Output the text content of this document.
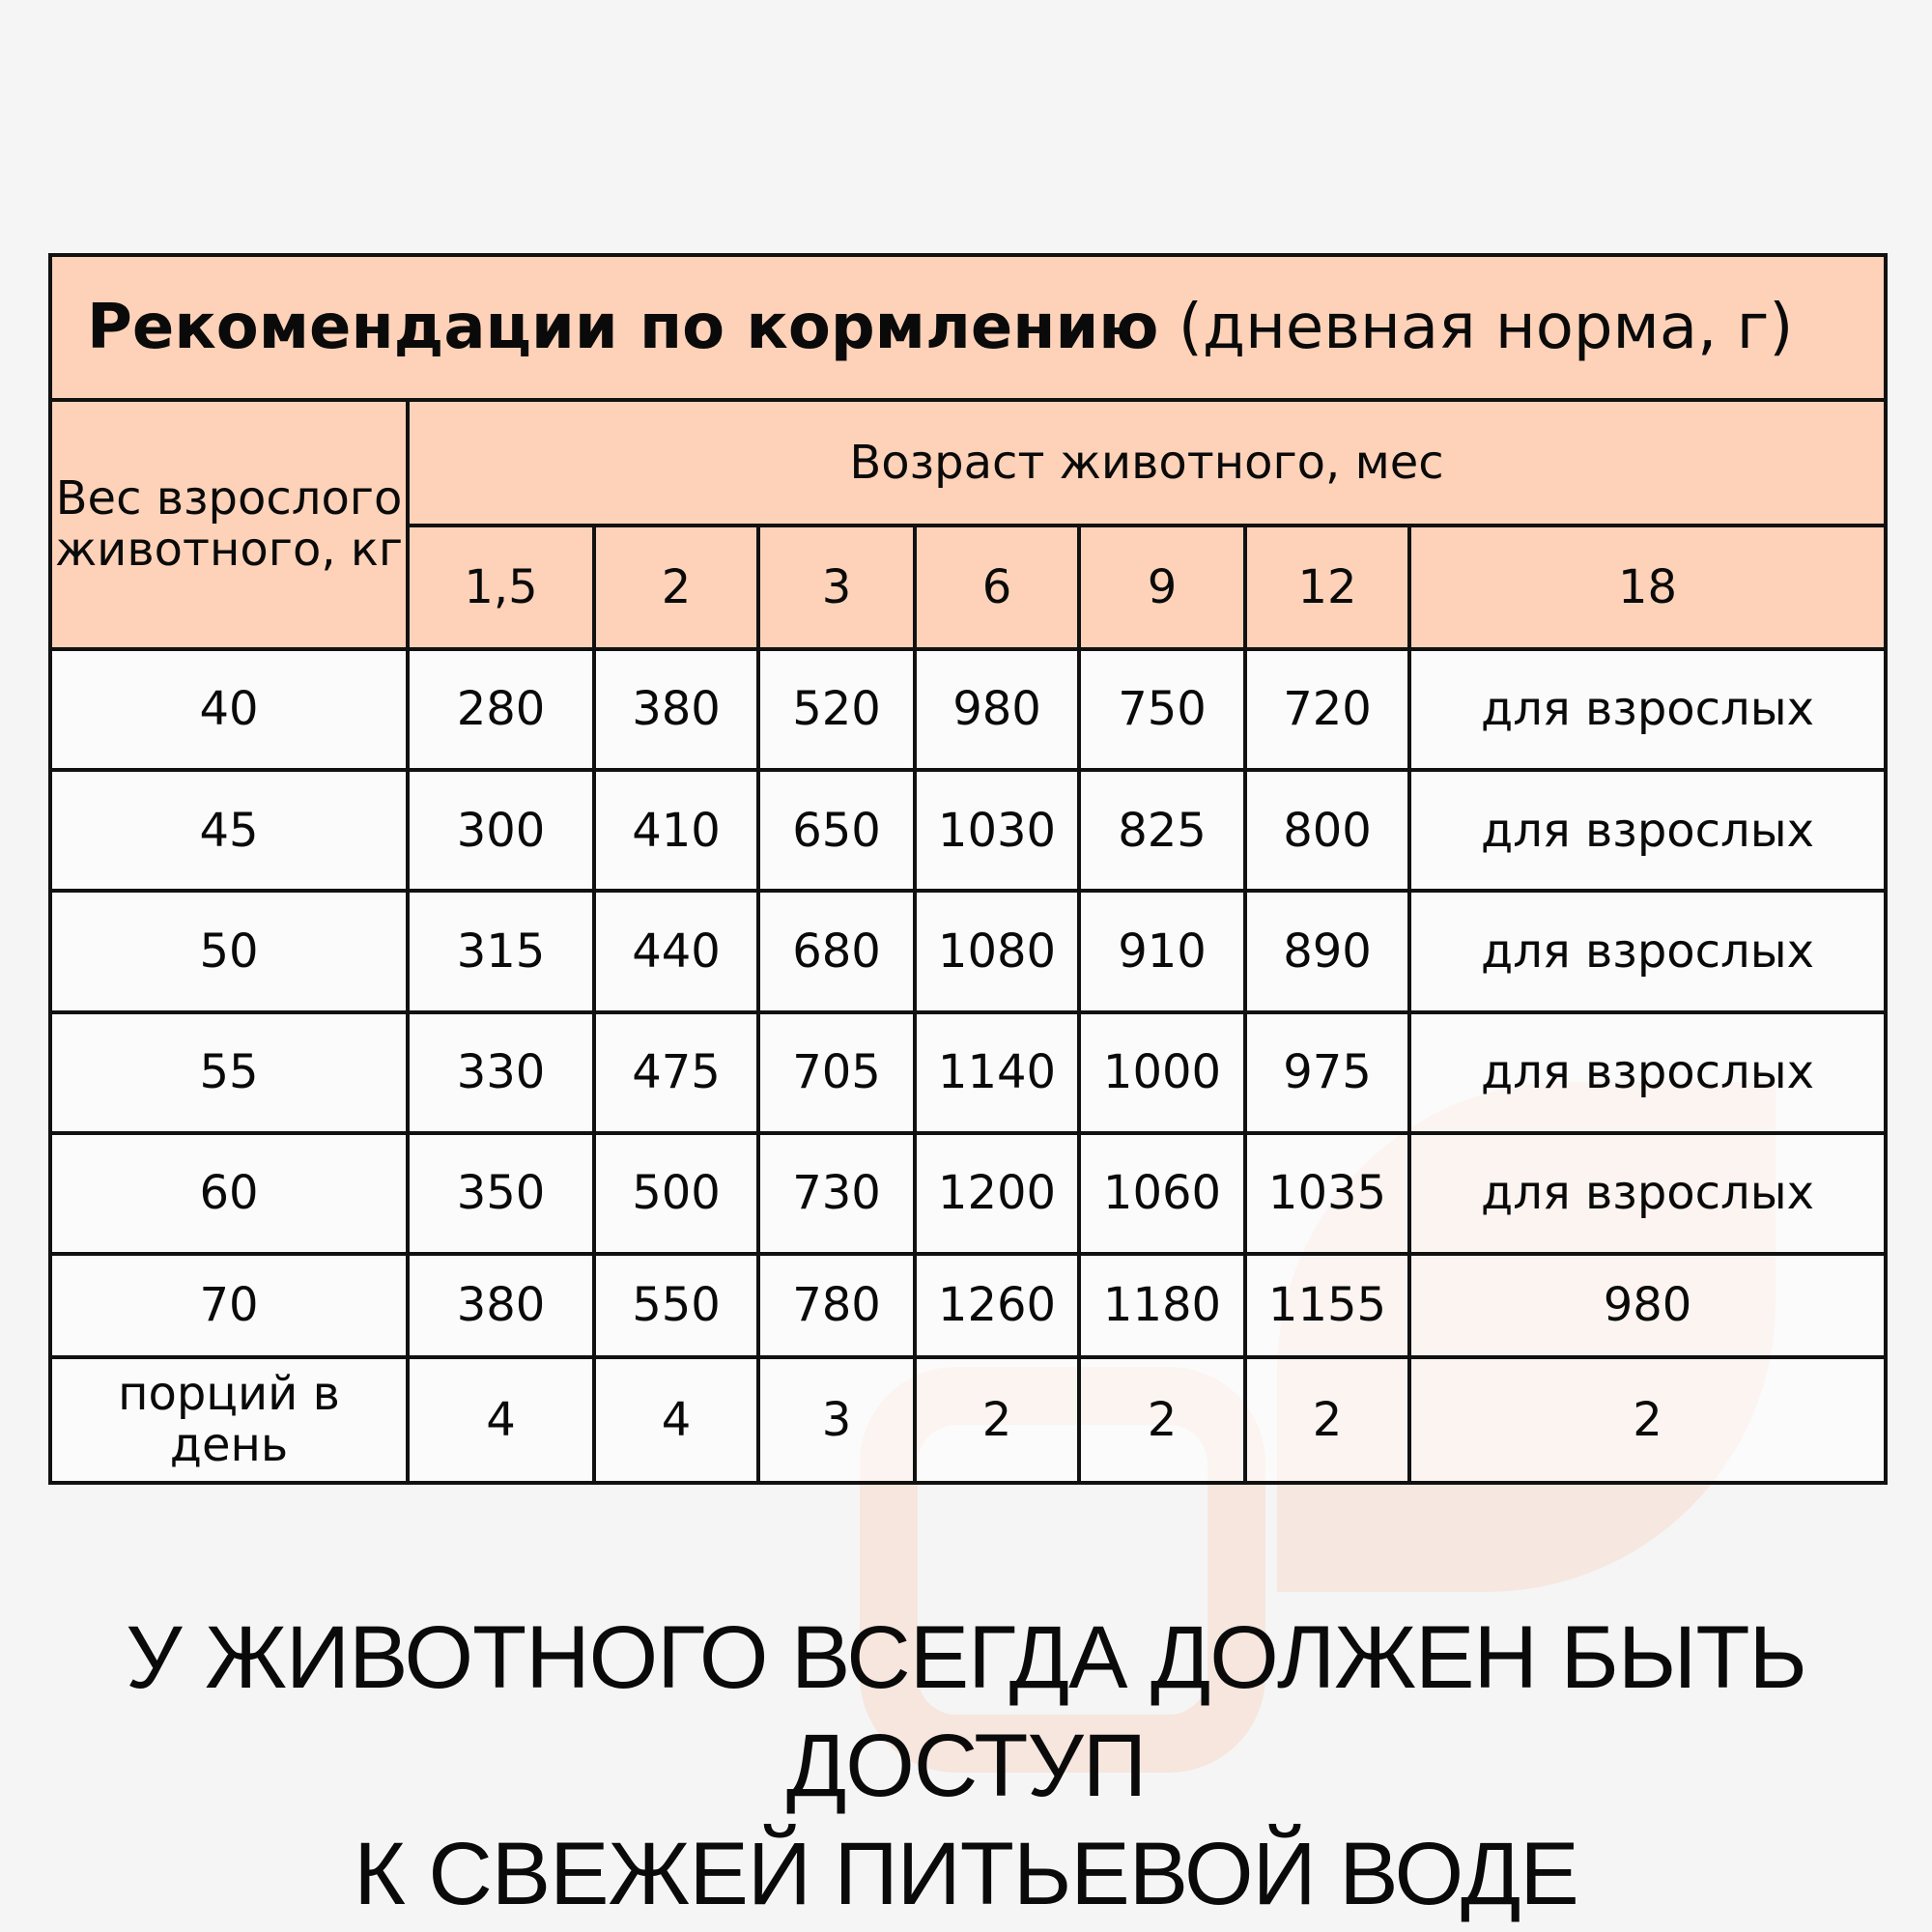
Рекомендации по кормлению (дневная норма, г)							
Вес взрослого животного, кг	Возраст животного, мес						
	1,5	2	3	6	9	12	18
40	280	380	520	980	750	720	для взрослых
45	300	410	650	1030	825	800	для взрослых
50	315	440	680	1080	910	890	для взрослых
55	330	475	705	1140	1000	975	для взрослых
60	350	500	730	1200	1060	1035	для взрослых
70	380	550	780	1260	1180	1155	980
порций в день	4	4	3	2	2	2	2
У ЖИВОТНОГО ВСЕГДА ДОЛЖЕН БЫТЬ ДОСТУП
К СВЕЖЕЙ ПИТЬЕВОЙ ВОДЕ
